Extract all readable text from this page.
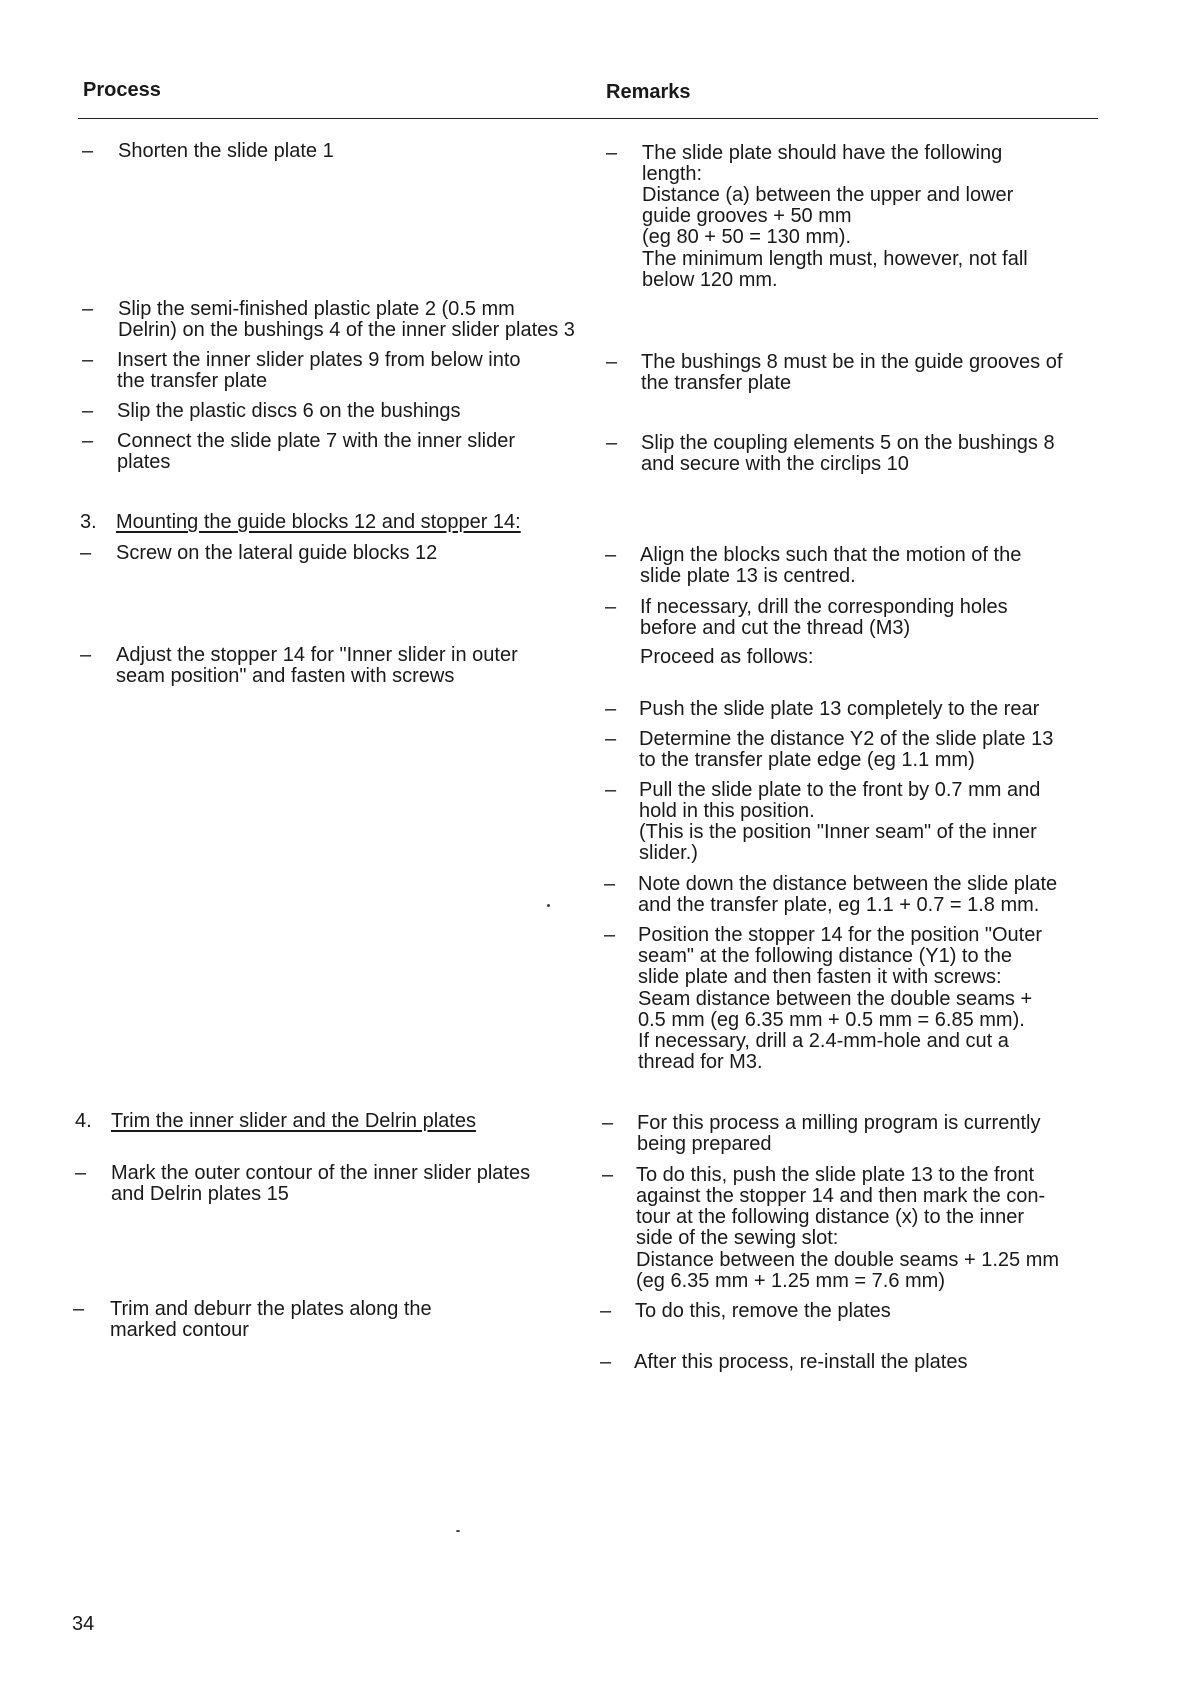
Process	Remarks
– Shorten the slide plate 1
– Slip the semi-finished plastic plate 2 (0.5 mm
Delrin) on the bushings 4 of the inner slider plates 3
– Insert the inner slider plates 9 from below into
the transfer plate
– Slip the plastic discs 6 on the bushings
– Connect the slide plate 7 with the inner slider
plates
3. Mounting the guide blocks 12 and stopper 14:
– Screw on the lateral guide blocks 12
– Adjust the stopper 14 for "Inner slider in outer
seam position" and fasten with screws
4. Trim the inner slider and the Delrin plates
– Mark the outer contour of the inner slider plates
and Delrin plates 15
– Trim and deburr the plates along the
marked contour
– The slide plate should have the following
length:
Distance (a) between the upper and lower
guide grooves + 50 mm
(eg 80 + 50 = 130 mm).
The minimum length must, however, not fall
below 120 mm.
– The bushings 8 must be in the guide grooves of
the transfer plate
– Slip the coupling elements 5 on the bushings 8
and secure with the circlips 10
– Align the blocks such that the motion of the
slide plate 13 is centred.
– If necessary, drill the corresponding holes
before and cut the thread (M3)
Proceed as follows:
– Push the slide plate 13 completely to the rear
– Determine the distance Y2 of the slide plate 13
to the transfer plate edge (eg 1.1 mm)
– Pull the slide plate to the front by 0.7 mm and
hold in this position.
(This is the position "Inner seam" of the inner
slider.)
– Note down the distance between the slide plate
and the transfer plate, eg 1.1 + 0.7 = 1.8 mm.
– Position the stopper 14 for the position "Outer
seam" at the following distance (Y1) to the
slide plate and then fasten it with screws:
Seam distance between the double seams +
0.5 mm (eg 6.35 mm + 0.5 mm = 6.85 mm).
If necessary, drill a 2.4-mm-hole and cut a
thread for M3.
– For this process a milling program is currently
being prepared
– To do this, push the slide plate 13 to the front
against the stopper 14 and then mark the con-
tour at the following distance (x) to the inner
side of the sewing slot:
Distance between the double seams + 1.25 mm
(eg 6.35 mm + 1.25 mm = 7.6 mm)
– To do this, remove the plates
– After this process, re-install the plates
34
